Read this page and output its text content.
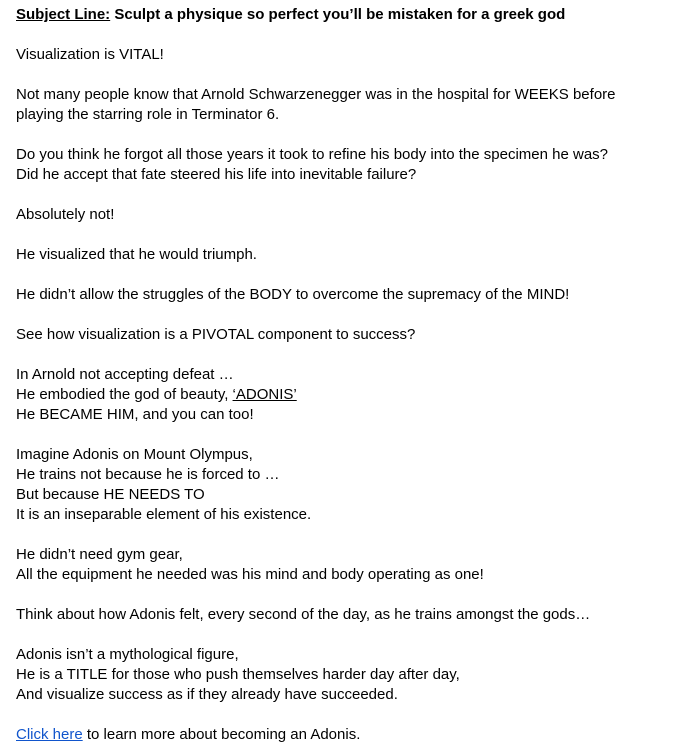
Subject Line: Sculpt a physique so perfect you’ll be mistaken for a greek god
Visualization is VITAL!
Not many people know that Arnold Schwarzenegger was in the hospital for WEEKS before
playing the starring role in Terminator 6.
Do you think he forgot all those years it took to refine his body into the specimen he was?
Did he accept that fate steered his life into inevitable failure?
Absolutely not!
He visualized that he would triumph.
He didn’t allow the struggles of the BODY to overcome the supremacy of the MIND!
See how visualization is a PIVOTAL component to success?
In Arnold not accepting defeat …
He embodied the god of beauty, ‘ADONIS’
He BECAME HIM, and you can too!
Imagine Adonis on Mount Olympus,
He trains not because he is forced to …
But because HE NEEDS TO
It is an inseparable element of his existence.
He didn’t need gym gear,
All the equipment he needed was his mind and body operating as one!
Think about how Adonis felt, every second of the day, as he trains amongst the gods…
Adonis isn’t a mythological figure,
He is a TITLE for those who push themselves harder day after day,
And visualize success as if they already have succeeded.
Click here to learn more about becoming an Adonis.
